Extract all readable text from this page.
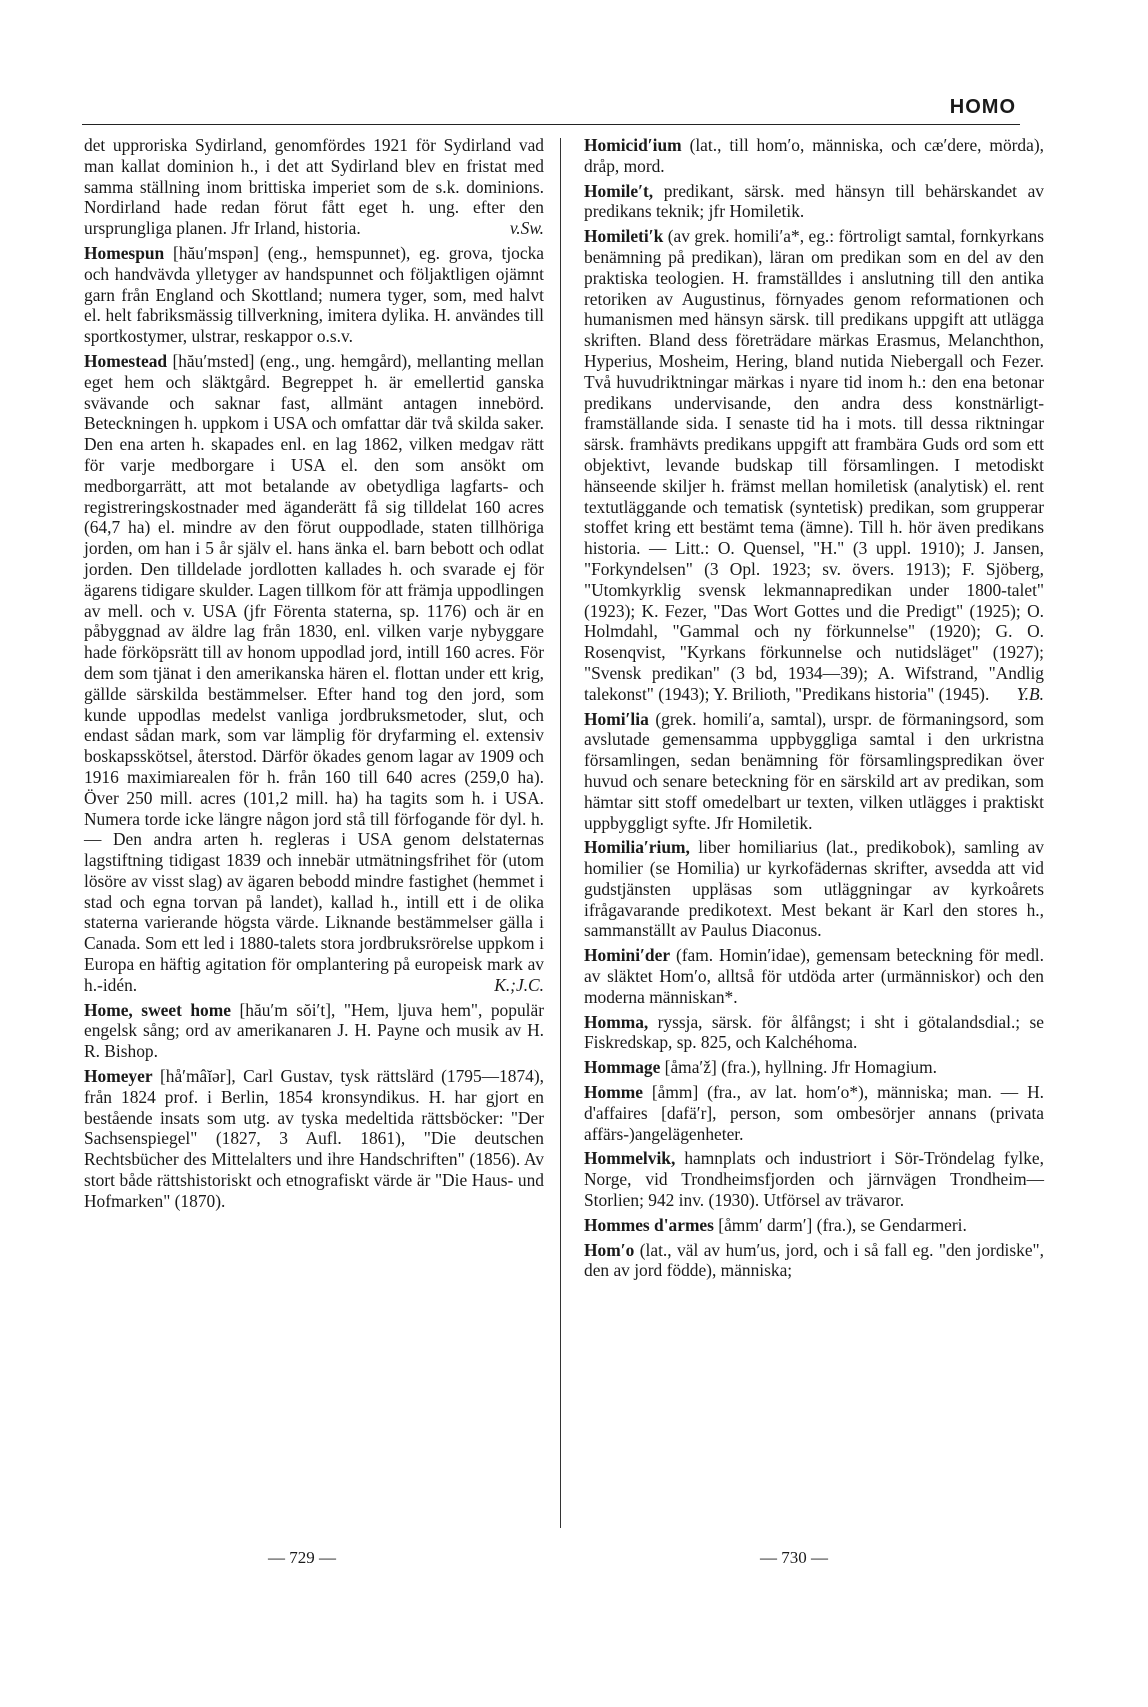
HOMO

det upproriska Sydirland, genomfördes 1921 för Sydirland vad man kallat dominion h., i det att Sydirland blev en fristat med samma ställning inom brittiska imperiet som de s.k. dominions. Nordirland hade redan förut fått eget h. ung. efter den ursprungliga planen. Jfr Irland, historia.	v.Sw.

Homespun [hău′mspən] (eng., hemspunnet), eg. grova, tjocka och handvävda ylletyger av handspunnet och följaktligen ojämnt garn från England och Skottland; numera tyger, som, med halvt el. helt fabriksmässig tillverkning, imitera dylika. H. användes till sportkostymer, ulstrar, reskappor o.s.v.

Homestead [hău′msted] (eng., ung. hemgård), mellanting mellan eget hem och släktgård. Begreppet h. är emellertid ganska svävande och saknar fast, allmänt antagen innebörd. Beteckningen h. uppkom i USA och omfattar där två skilda saker. Den ena arten h. skapades enl. en lag 1862, vilken medgav rätt för varje medborgare i USA el. den som ansökt om medborgarrätt, att mot betalande av obetydliga lagfarts- och registreringskostnader med äganderätt få sig tilldelat 160 acres (64,7 ha) el. mindre av den förut ouppodlade, staten tillhöriga jorden, om han i 5 år själv el. hans änka el. barn bebott och odlat jorden. Den tilldelade jordlotten kallades h. och svarade ej för ägarens tidigare skulder. Lagen tillkom för att främja uppodlingen av mell. och v. USA (jfr Förenta staterna, sp. 1176) och är en påbyggnad av äldre lag från 1830, enl. vilken varje nybyggare hade förköpsrätt till av honom uppodlad jord, intill 160 acres. För dem som tjänat i den amerikanska hären el. flottan under ett krig, gällde särskilda bestämmelser. Efter hand tog den jord, som kunde uppodlas medelst vanliga jordbruksmetoder, slut, och endast sådan mark, som var lämplig för dryfarming el. extensiv boskapsskötsel, återstod. Därför ökades genom lagar av 1909 och 1916 maximiarealen för h. från 160 till 640 acres (259,0 ha). Över 250 mill. acres (101,2 mill. ha) ha tagits som h. i USA. Numera torde icke längre någon jord stå till förfogande för dyl. h. — Den andra arten h. regleras i USA genom delstaternas lagstiftning tidigast 1839 och innebär utmätningsfrihet för (utom lösöre av visst slag) av ägaren bebodd mindre fastighet (hemmet i stad och egna torvan på landet), kallad h., intill ett i de olika staterna varierande högsta värde. Liknande bestämmelser gälla i Canada. Som ett led i 1880-talets stora jordbruksrörelse uppkom i Europa en häftig agitation för omplantering på europeisk mark av h.-idén.	K.;J.C.

Home, sweet home [hău′m sŏi′t], "Hem, ljuva hem", populär engelsk sång; ord av amerikanaren J. H. Payne och musik av H. R. Bishop.

Homeyer [hå′mâĭər], Carl Gustav, tysk rättslärd (1795—1874), från 1824 prof. i Berlin, 1854 kronsyndikus. H. har gjort en bestående insats som utg. av tyska medeltida rättsböcker: "Der Sachsenspiegel" (1827, 3 Aufl. 1861), "Die deutschen Rechtsbücher des Mittelalters und ihre Handschriften" (1856). Av stort både rättshistoriskt och etnografiskt värde är "Die Haus- und Hofmarken" (1870).

Homicid′ium (lat., till hom′o, människa, och cæ′dere, mörda), dråp, mord.

Homile′t, predikant, särsk. med hänsyn till behärskandet av predikans teknik; jfr Homiletik.

Homileti′k (av grek. homili′a*, eg.: förtroligt samtal, fornkyrkans benämning på predikan), läran om predikan som en del av den praktiska teologien. H. framställdes i anslutning till den antika retoriken av Augustinus, förnyades genom reformationen och humanismen med hänsyn särsk. till predikans uppgift att utlägga skriften. Bland dess företrädare märkas Erasmus, Melanchthon, Hyperius, Mosheim, Hering, bland nutida Niebergall och Fezer. Två huvudriktningar märkas i nyare tid inom h.: den ena betonar predikans undervisande, den andra dess konstnärligt-framställande sida. I senaste tid ha i mots. till dessa riktningar särsk. framhävts predikans uppgift att frambära Guds ord som ett objektivt, levande budskap till församlingen. I metodiskt hänseende skiljer h. främst mellan homiletisk (analytisk) el. rent textutläggande och tematisk (syntetisk) predikan, som grupperar stoffet kring ett bestämt tema (ämne). Till h. hör även predikans historia. — Litt.: O. Quensel, "H." (3 uppl. 1910); J. Jansen, "Forkyndelsen" (3 Opl. 1923; sv. övers. 1913); F. Sjöberg, "Utomkyrklig svensk lekmannapredikan under 1800-talet" (1923); K. Fezer, "Das Wort Gottes und die Predigt" (1925); O. Holmdahl, "Gammal och ny förkunnelse" (1920); G. O. Rosenqvist, "Kyrkans förkunnelse och nutidsläget" (1927); "Svensk predikan" (3 bd, 1934—39); A. Wifstrand, "Andlig talekonst" (1943); Y. Brilioth, "Predikans historia" (1945). Y.B.

Homi′lia (grek. homili′a, samtal), urspr. de förmaningsord, som avslutade gemensamma uppbyggliga samtal i den urkristna församlingen, sedan benämning för församlingspredikan över huvud och senare beteckning för en särskild art av predikan, som hämtar sitt stoff omedelbart ur texten, vilken utlägges i praktiskt uppbyggligt syfte. Jfr Homiletik.

Homilia′rium, liber homiliarius (lat., predikobok), samling av homilier (se Homilia) ur kyrkofädernas skrifter, avsedda att vid gudstjänsten uppläsas som utläggningar av kyrkoårets ifrågavarande predikotext. Mest bekant är Karl den stores h., sammanställt av Paulus Diaconus.

Homini′der (fam. Homin′idae), gemensam beteckning för medl. av släktet Hom′o, alltså för utdöda arter (urmänniskor) och den moderna människan*.

Homma, ryssja, särsk. för ålfångst; i sht i götalandsdial.; se Fiskredskap, sp. 825, och Kalchéhoma.

Hommage [åma′ž] (fra.), hyllning. Jfr Homagium.

Homme [åmm] (fra., av lat. hom′o*), människa; man. — H. d'affaires [dafä′r], person, som ombesörjer annans (privata affärs-)angelägenheter.

Hommelvik, hamnplats och industriort i Sör-Tröndelag fylke, Norge, vid Trondheimsfjorden och järnvägen Trondheim—Storlien; 942 inv. (1930). Utförsel av trävaror.

Hommes d'armes [åmm′ darm′] (fra.), se Gendarmeri.

Hom′o (lat., väl av hum′us, jord, och i så fall eg. "den jordiske", den av jord födde), människa;

— 729 —	— 730 —
